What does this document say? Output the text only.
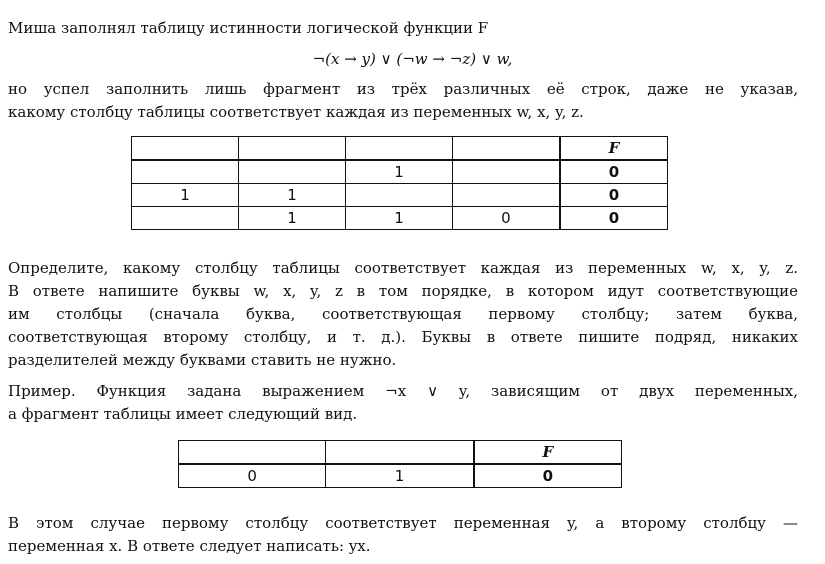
Миша заполнял таблицу истинности логической функции F
¬(x → y) ∨ (¬w → ¬z) ∨ w,
но успел заполнить лишь фрагмент из трёх различных её строк, даже не указав,
какому столбцу таблицы соответствует каждая из переменных w, x, y, z.
				F
		1		0
1	1			0
	1	1	0	0
Определите, какому столбцу таблицы соответствует каждая из переменных w, x, y, z.
В ответе напишите буквы w, x, y, z в том порядке, в котором идут соответствующие
им столбцы (сначала буква, соответствующая первому столбцу; затем буква,
соответствующая второму столбцу, и т. д.). Буквы в ответе пишите подряд, никаких
разделителей между буквами ставить не нужно.
Пример. Функция задана выражением ¬x ∨ y, зависящим от двух переменных,
а фрагмент таблицы имеет следующий вид.
		F
0	1	0
В этом случае первому столбцу соответствует переменная y, а второму столбцу —
переменная x. В ответе следует написать: yx.
